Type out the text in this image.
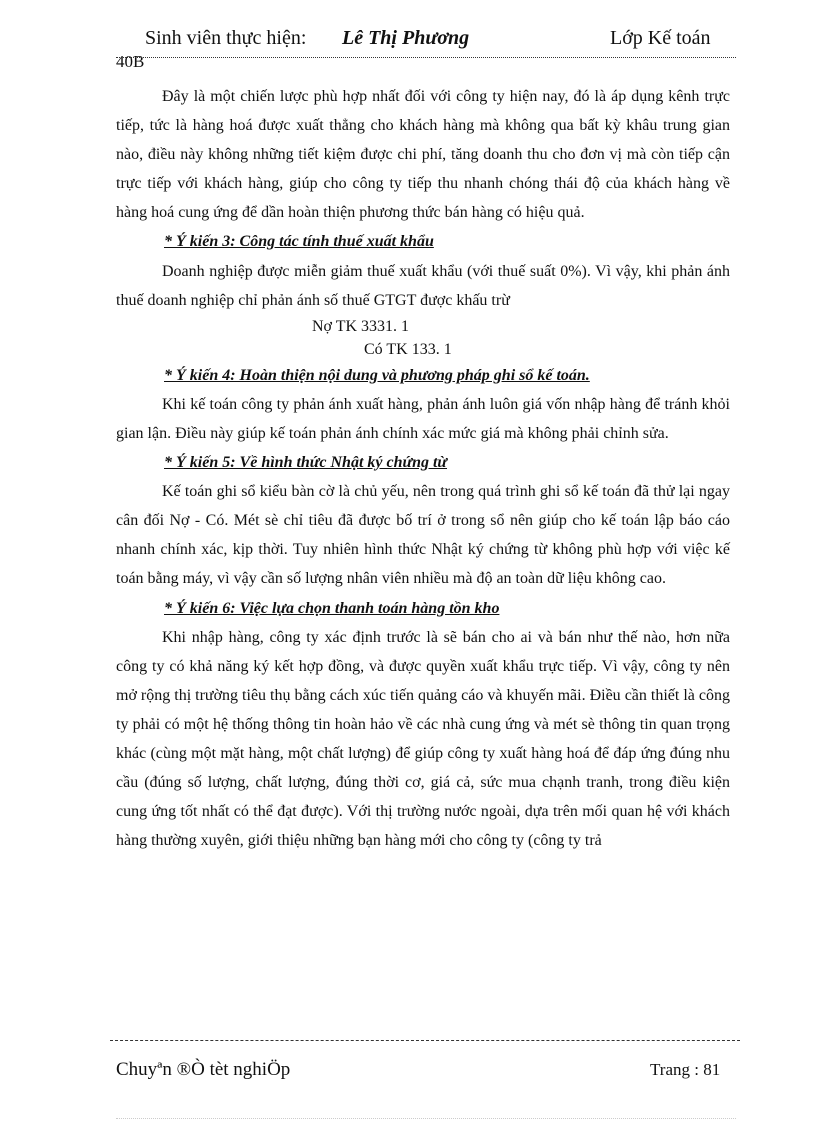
Sinh viên thực hiện: Lê Thị Phương	Lớp Kế toán
40B

Đây là một chiến lược phù hợp nhất đối với công ty hiện nay, đó là áp dụng kênh trực tiếp, tức là hàng hoá được xuất thẳng cho khách hàng mà không qua bất kỳ khâu trung gian nào, điều này không những tiết kiệm được chi phí, tăng doanh thu cho đơn vị mà còn tiếp cận trực tiếp với khách hàng, giúp cho công ty tiếp thu nhanh chóng thái độ của khách hàng về hàng hoá cung ứng để dần hoàn thiện phương thức bán hàng có hiệu quả.

* Ý kiến 3: Công tác tính thuế xuất khẩu

Doanh nghiệp được miễn giảm thuế xuất khẩu (với thuế suất 0%). Vì vậy, khi phản ánh thuế doanh nghiệp chỉ phản ánh số thuế GTGT được khấu trừ

Nợ TK 3331. 1

Có TK 133. 1

* Ý kiến 4: Hoàn thiện nội dung và phương pháp ghi sổ kế toán.

Khi kế toán công ty phản ánh xuất hàng, phản ánh luôn giá vốn nhập hàng để tránh khỏi gian lận. Điều này giúp kế toán phản ánh chính xác mức giá mà không phải chỉnh sửa.

* Ý kiến 5: Về hình thức Nhật ký chứng từ

Kế toán ghi sổ kiểu bàn cờ là chủ yếu, nên trong quá trình ghi sổ kế toán đã thử lại ngay cân đối Nợ - Có. Mét sè chỉ tiêu đã được bố trí ở trong sổ nên giúp cho kế toán lập báo cáo nhanh chính xác, kịp thời. Tuy nhiên hình thức Nhật ký chứng từ không phù hợp với việc kế toán bằng máy, vì vậy cần số lượng nhân viên nhiều mà độ an toàn dữ liệu không cao.

* Ý kiến 6: Việc lựa chọn thanh toán hàng tồn kho

Khi nhập hàng, công ty xác định trước là sẽ bán cho ai và bán như thế nào, hơn nữa công ty có khả năng ký kết hợp đồng, và được quyền xuất khẩu trực tiếp. Vì vậy, công ty nên mở rộng thị trường tiêu thụ bằng cách xúc tiến quảng cáo và khuyến mãi. Điều cần thiết là công ty phải có một hệ thống thông tin hoàn hảo về các nhà cung ứng và mét sè thông tin quan trọng khác (cùng một mặt hàng, một chất lượng) để giúp công ty xuất hàng hoá để đáp ứng đúng nhu cầu (đúng số lượng, chất lượng, đúng thời cơ, giá cả, sức mua chạnh tranh, trong điều kiện cung ứng tốt nhất có thể đạt được). Với thị trường nước ngoài, dựa trên mối quan hệ với khách hàng thường xuyên, giới thiệu những bạn hàng mới cho công ty (công ty trả

Chuyªn ®Ò tèt nghiÖp	Trang : 81
